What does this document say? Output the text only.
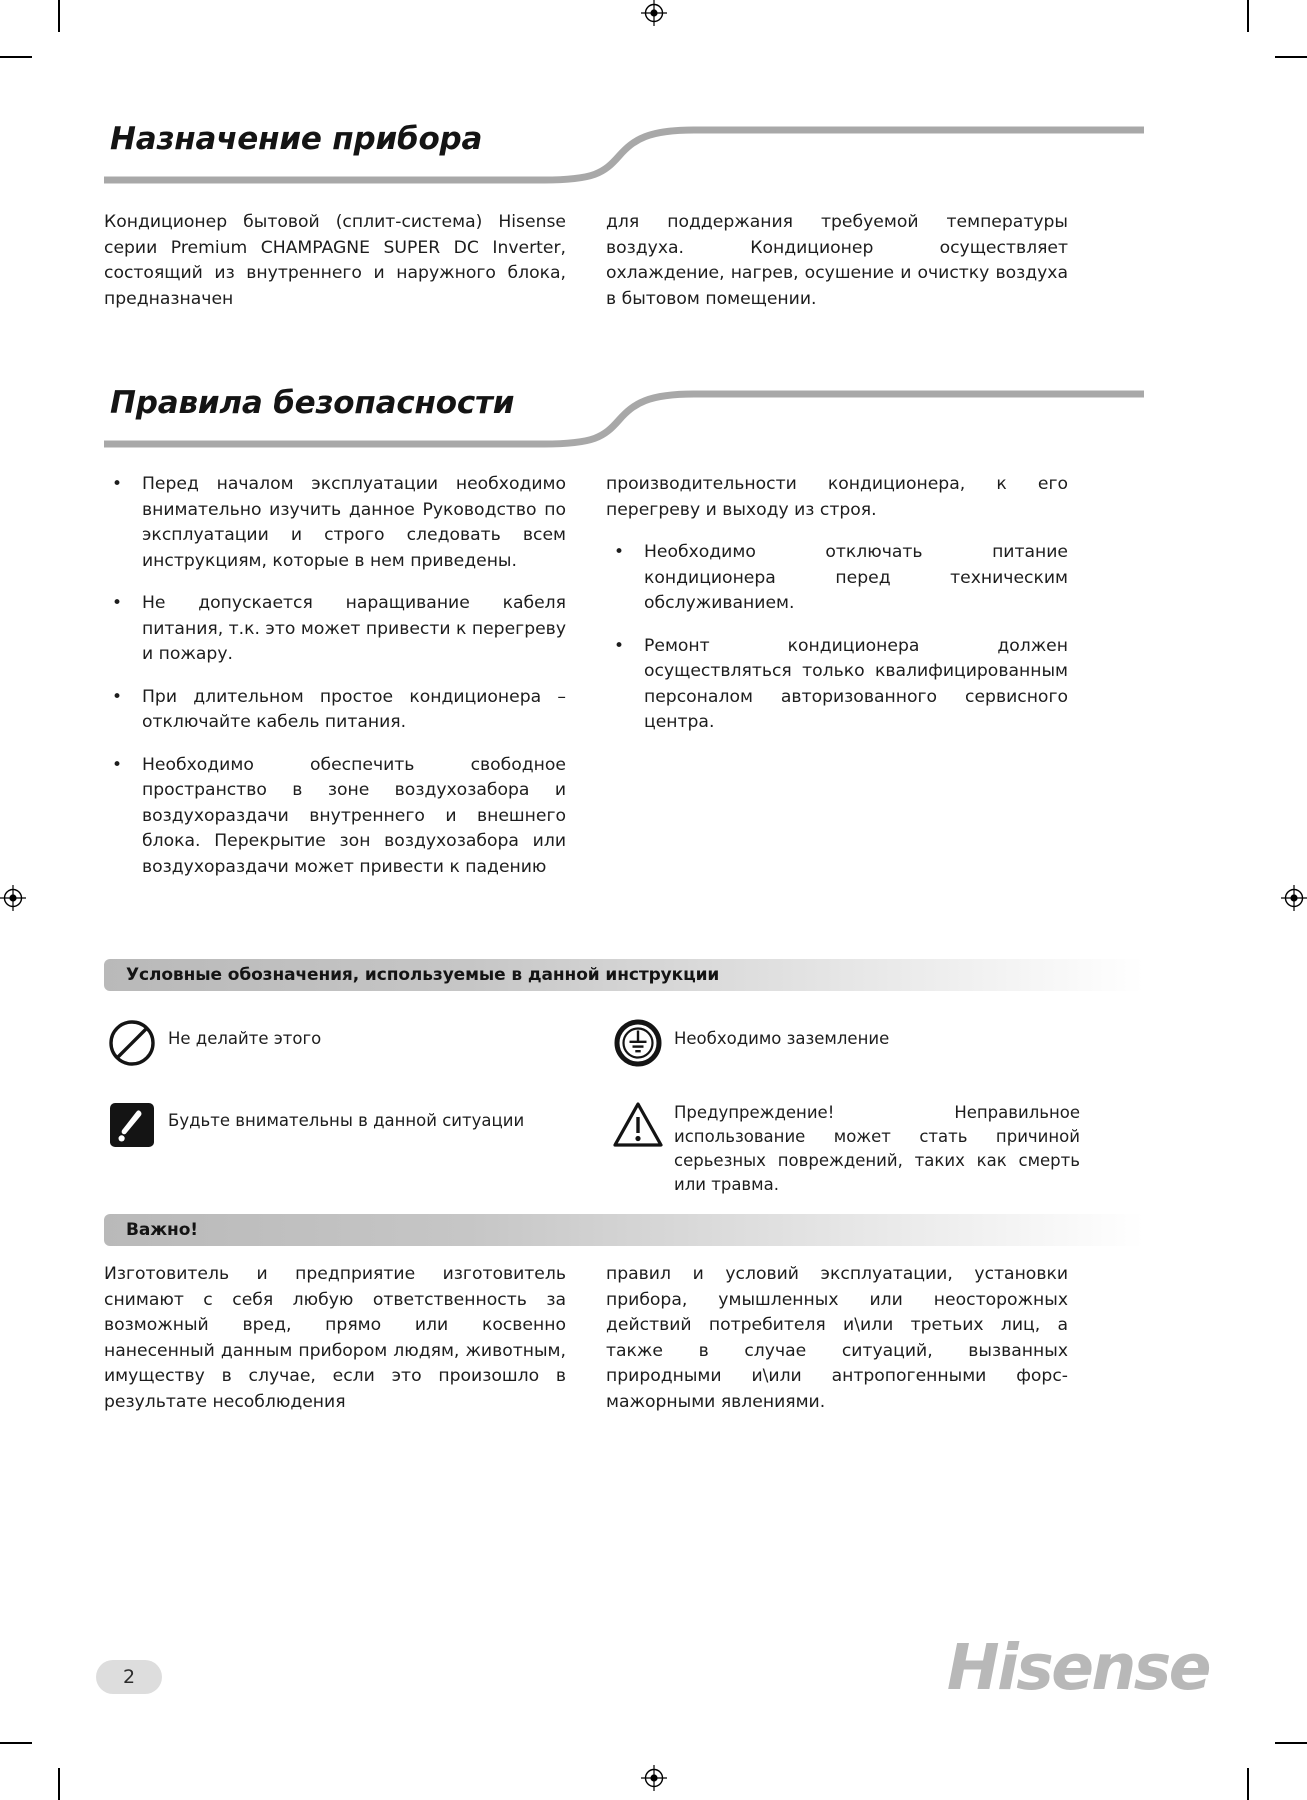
Назначение прибора

Кондиционер бытовой (сплит-система) Hisense серии Premium CHAMPAGNE SUPER DC Inverter, состоящий из внутреннего и наружного блока, предназначен

для поддержания требуемой температуры воздуха. Кондиционер осуществляет охлаждение, нагрев, осушение и очистку воздуха в бытовом помещении.

Правила безопасности
• Перед началом эксплуатации необходимо внимательно изучить данное Руководство по эксплуатации и строго следовать всем инструкциям, которые в нем приведены.
• Не допускается наращивание кабеля питания, т.к. это может привести к перегреву и пожару.
• При длительном простое кондиционера – отключайте кабель питания.
• Необходимо обеспечить свободное пространство в зоне воздухозабора и воздухораздачи внутреннего и внешнего блока. Перекрытие зон воздухозабора или воздухораздачи может привести к падению

производительности кондиционера, к его перегреву и выходу из строя.

• Необходимо отключать питание кондиционера перед техническим обслуживанием.
• Ремонт кондиционера должен осуществляться только квалифицированным персоналом авторизованного сервисного центра.
Условные обозначения, используемые в данной инструкции
Не делайте этого
Будьте внимательны в данной ситуации
Необходимо заземление
Предупреждение! Неправильное использование может стать причиной серьезных повреждений, таких как смерть или травма.
Важно!

Изготовитель и предприятие изготовитель снимают с себя любую ответственность за возможный вред, прямо или косвенно нанесенный данным прибором людям, животным, имуществу в случае, если это произошло в результате несоблюдения

правил и условий эксплуатации, установки прибора, умышленных или неосторожных действий потребителя и\или третьих лиц, а также в случае ситуаций, вызванных природными и\или антропогенными форс-мажорными явлениями.

2	Hisense
